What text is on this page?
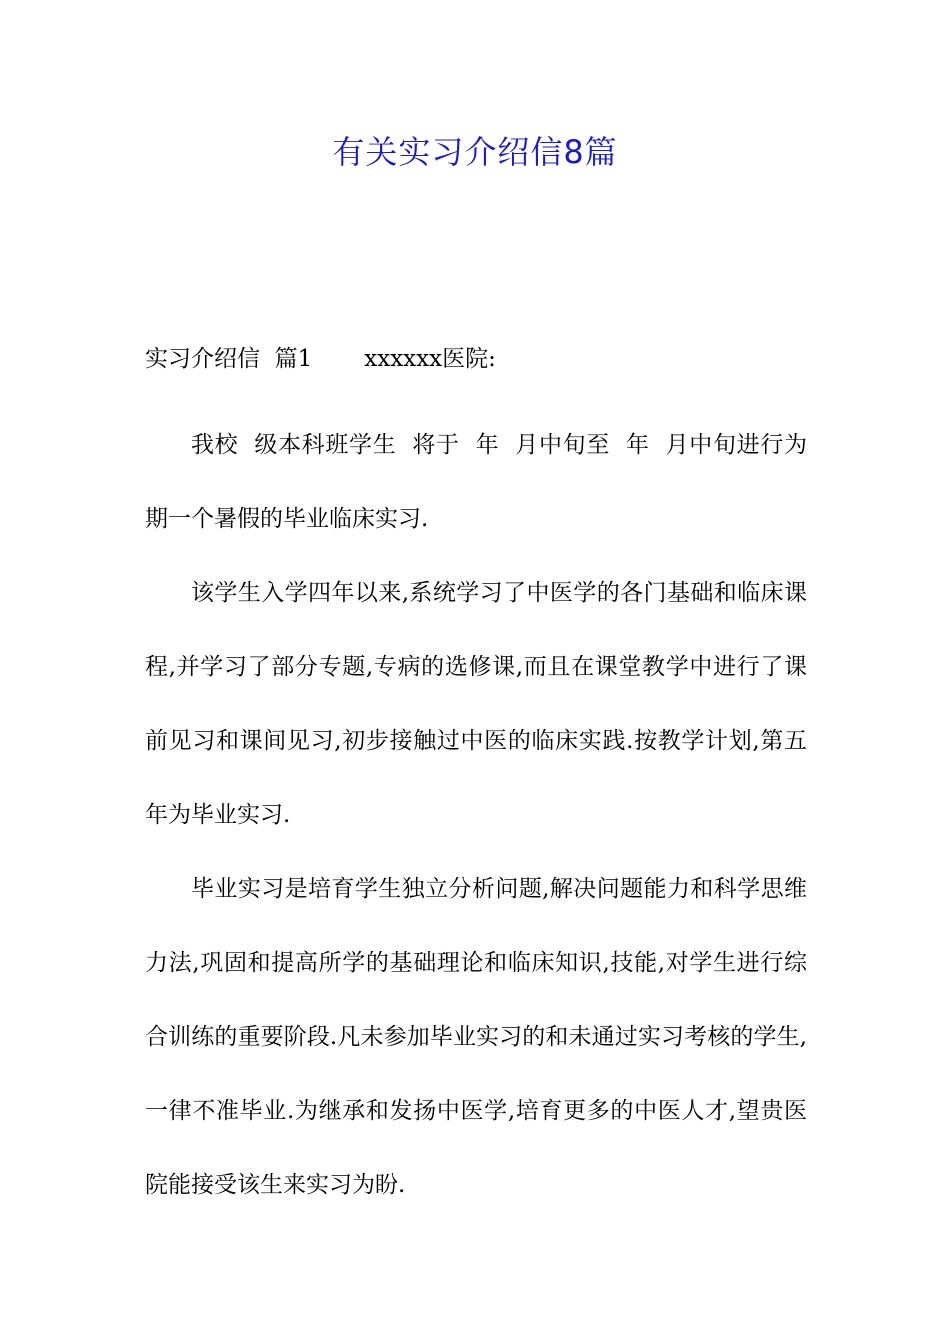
有关实习介绍信8篇
实习介绍信  篇1 xxxxxx医院:

我校  级本科班学生  将于  年  月中旬至  年  月中旬进行为期一个暑假的毕业临床实习.

该学生入学四年以来,系统学习了中医学的各门基础和临床课程,并学习了部分专题,专病的选修课,而且在课堂教学中进行了课前见习和课间见习,初步接触过中医的临床实践.按教学计划,第五年为毕业实习.

毕业实习是培育学生独立分析问题,解决问题能力和科学思维力法,巩固和提高所学的基础理论和临床知识,技能,对学生进行综合训练的重要阶段.凡未参加毕业实习的和未通过实习考核的学生,一律不准毕业.为继承和发扬中医学,培育更多的中医人才,望贵医院能接受该生来实习为盼.
